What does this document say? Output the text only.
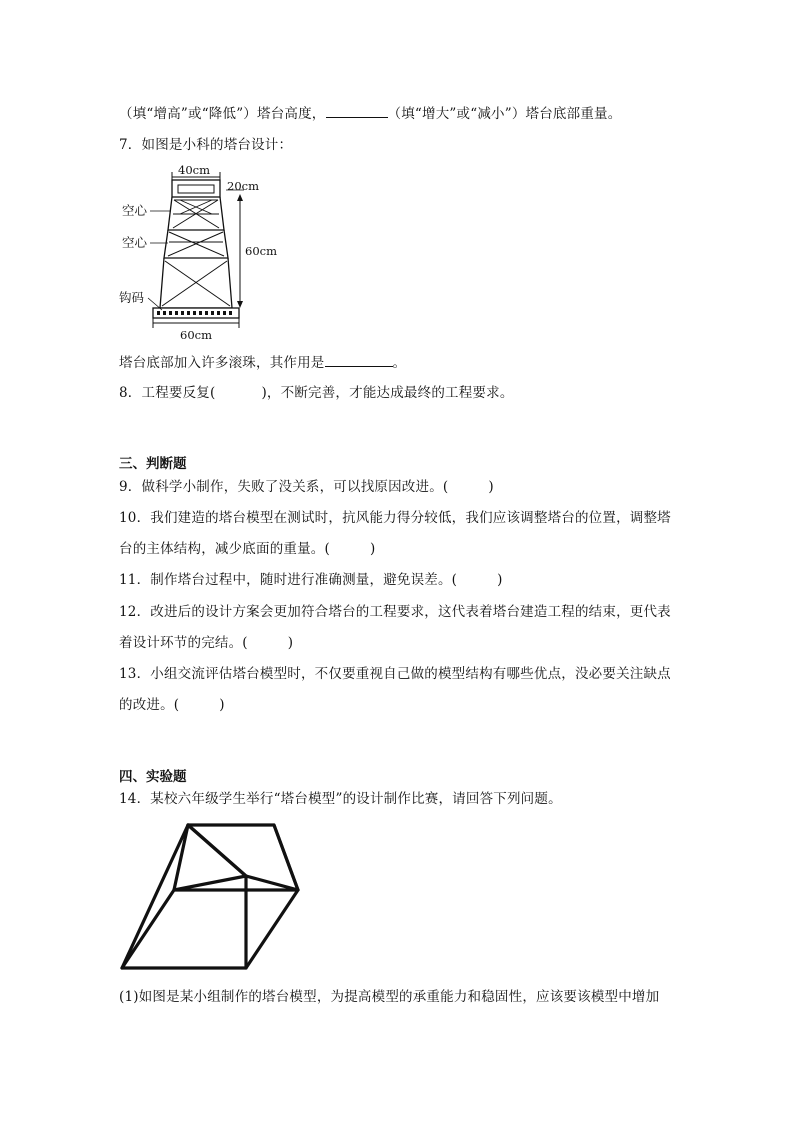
（填“增高”或“降低”）塔台高度，	（填“增大”或“减小”）塔台底部重量。
7．如图是小科的塔台设计：
40cm
60cm
20cm
60cm
空心
空心
钩码
塔台底部加入许多滚珠，其作用是	。
8．工程要反复(	)，不断完善，才能达成最终的工程要求。
三、判断题
9．做科学小制作，失败了没关系，可以找原因改进。(	)
10．我们建造的塔台模型在测试时，抗风能力得分较低，我们应该调整塔台的位置，调整塔
台的主体结构，减少底面的重量。(	)
11．制作塔台过程中，随时进行准确测量，避免误差。(	)
12．改进后的设计方案会更加符合塔台的工程要求，这代表着塔台建造工程的结束，更代表
着设计环节的完结。(	)
13．小组交流评估塔台模型时，不仅要重视自己做的模型结构有哪些优点，没必要关注缺点
的改进。(	)
四、实验题
14．某校六年级学生举行“塔台模型”的设计制作比赛，请回答下列问题。
(1)如图是某小组制作的塔台模型，为提高模型的承重能力和稳固性，应该要该模型中增加
